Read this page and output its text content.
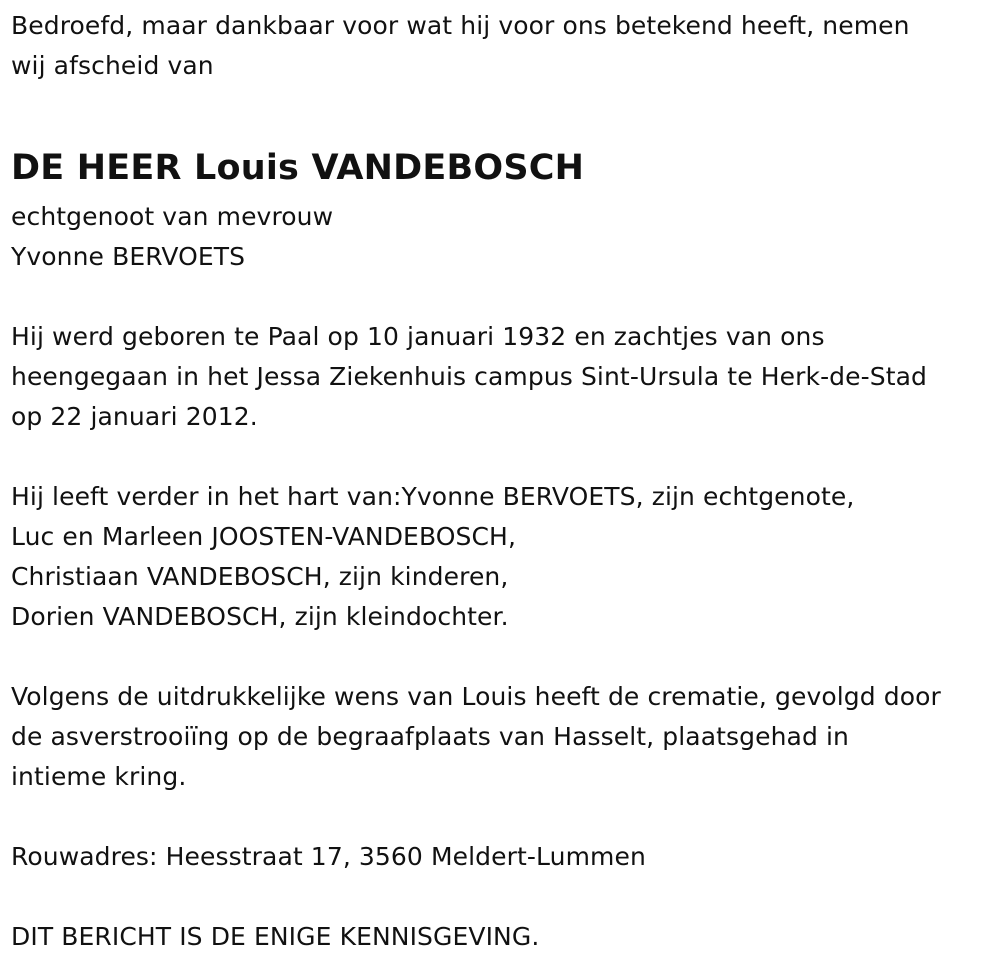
Bedroefd, maar dankbaar voor wat hij voor ons betekend heeft, nemen
wij afscheid van
DE HEER Louis VANDEBOSCH
echtgenoot van mevrouw
Yvonne BERVOETS
Hij werd geboren te Paal op 10 januari 1932 en zachtjes van ons
heengegaan in het Jessa Ziekenhuis campus Sint-Ursula te Herk-de-Stad
op 22 januari 2012.
Hij leeft verder in het hart van:Yvonne BERVOETS, zijn echtgenote,
Luc en Marleen JOOSTEN-VANDEBOSCH,
Christiaan VANDEBOSCH, zijn kinderen,
Dorien VANDEBOSCH, zijn kleindochter.
Volgens de uitdrukkelijke wens van Louis heeft de crematie, gevolgd door
de asverstrooiïng op de begraafplaats van Hasselt, plaatsgehad in
intieme kring.
Rouwadres: Heesstraat 17, 3560 Meldert-Lummen
DIT BERICHT IS DE ENIGE KENNISGEVING.
